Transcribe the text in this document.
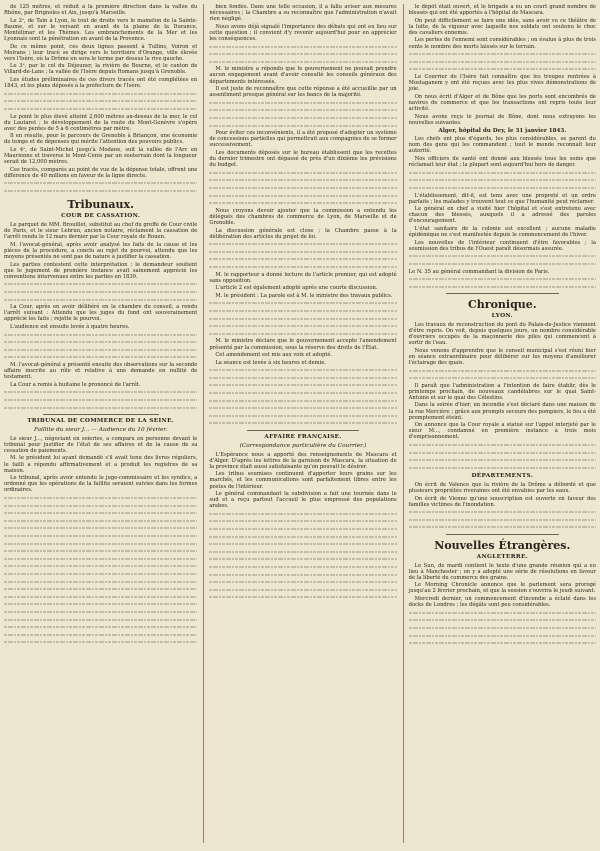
de 125 mètres, et réduit à la première direction dans la vallée du Rhône, par Brignoles et Aix, jusqu'à Marseille.

Le 2ᵉ, de Tain à Lyon, le tout de droite vers le mamelon de la Sainte-Baume, et sur le versant en avant de la plaine de la Durance, Montélimar et les Thèmes. Les embranchements de la Mer et les Lyonnais sont la pénétration en avant de la Provence.

De ce même point, ces deux lignes passent à Tullins, Voiron et Moirans ; leur tracé se dirige vers le territoire d'Orange, ville élevée vers l'Isère, où la Drôme en sera le terme par dessus la rive gauche.

Le 3ᵉ, par le col du Déjeuner, la rivière de Bourne, et le canton de Villard-de-Lans ; la vallée de l'Isère depuis Romans jusqu'à Grenoble.

Les études préliminaires de ces divers tracés ont été complétées en 1843, et les plans déposés à la préfecture de l'Isère.

Le point le plus élevé atteint 2,600 mètres au-dessus de la mer, le col du Lautaret ; le développement de la route du Mont-Genèvre s'opère avec des pentes de 5 à 6 centimètres par mètre.

Il en résulte, pour le parcours de Grenoble à Briançon, une économie de temps et de dépenses qui mérite l'attention des pouvoirs publics.

Le 4ᵉ, de Saint-Michel jusqu'à Modane, suit la vallée de l'Arc en Maurienne et traverse le Mont-Cenis par un souterrain dont la longueur serait de 12,000 mètres.

Ces tracés, comparés au point de vue de la dépense totale, offrent une différence de 40 millions en faveur de la ligne directe.

Tribunaux.
COUR DE CASSATION.

Le parquet de MM. Brouillet, substitut au chef du greffe de Cour civile de Paris, et le sieur Lebrun, ancien notaire, réclament la cassation de l'arrêt rendu le 12 mars dernier par la Cour royale de Rouen.

M. l'avocat-général, après avoir analysé les faits de la cause et les pièces de la procédure, a conclu au rejet du pourvoi, attendu que les moyens présentés ne sont pas de nature à justifier la cassation.

Les parties contestent cette interprétation ; le demandeur soutient que le jugement de première instance avait sainement apprécié les conventions intervenues entre les parties en 1839.

La Cour, après en avoir délibéré en la chambre du conseil, a rendu l'arrêt suivant : Attendu que les juges du fond ont souverainement apprécié les faits ; rejette le pourvoi.

L'audience est ensuite levée à quatre heures.

M. l'avocat-général a présenté ensuite des observations sur la seconde affaire inscrite au rôle et relative à une demande en nullité de testament.

La Cour a remis à huitaine le prononcé de l'arrêt.

TRIBUNAL DE COMMERCE DE LA SEINE.
Faillite du sieur J... — Audience du 10 février.

Le sieur J..., négociant en soieries, a comparu en personne devant le tribunal pour justifier de l'état de ses affaires et de la cause de sa cessation de paiements.

M. le président lui ayant demandé s'il avait tenu des livres réguliers, le failli a répondu affirmativement et a produit les registres de sa maison.

Le tribunal, après avoir entendu le juge-commissaire et les syndics, a ordonné que les opérations de la faillite seraient suivies dans les formes ordinaires.

bien fondés. Dans une telle occasion, il a fallu aviser aux mesures nécessaires ; la Chambre a su reconnaître que l'administration n'avait rien négligé.

Nous avons déjà signalé l'importance des débats qui ont eu lieu sur cette question ; il convient d'y revenir aujourd'hui pour en apprécier les conséquences.

M. le ministre a répondu que le gouvernement ne pouvait prendre aucun engagement avant d'avoir consulté les conseils généraux des départements intéressés.

Il est juste de reconnaître que cette réponse a été accueillie par un assentiment presque général sur les bancs de la majorité.

Pour éviter ces inconvénients, il a été proposé d'adopter un système de concessions partielles qui permettrait aux compagnies de se former successivement.

Les documents déposés sur le bureau établissent que les recettes du dernier trimestre ont dépassé de près d'un dixième les prévisions du budget.

Nous croyons devoir ajouter que la commission a entendu les délégués des chambres de commerce de Lyon, de Marseille et de Grenoble.

La discussion générale est close ; la Chambre passe à la délibération des articles du projet de loi.

M. le rapporteur a donné lecture de l'article premier, qui est adopté sans opposition.

L'article 2 est également adopté après une courte discussion.

M. le président : La parole est à M. le ministre des travaux publics.

M. le ministre déclare que le gouvernement accepte l'amendement présenté par la commission, sous la réserve des droits de l'État.

Cet amendement est mis aux voix et adopté.

La séance est levée à six heures et demie.

AFFAIRE FRANÇAISE.
(Correspondance particulière du Courrier.)

L'Espérance nous a apporté des renseignements de Mascara et d'Alger. D'après les lettres de la garnison de Mascara, la situation de la province était aussi satisfaisante qu'on pouvait le désirer.

Les tribus soumises continuent d'apporter leurs grains sur les marchés, et les communications sont parfaitement libres entre les postes de l'intérieur.

Le général commandant la subdivision a fait une tournée dans le sud et a reçu partout l'accueil le plus empressé des populations arabes.

le dépôt était ouvert, et le brigade a eu un court grand nombre de blessés qui ont été apportés à l'hôpital de Mascara.

On peut difficilement se faire une idée, sans avoir vu ce théâtre de la lutte, de la vigueur avec laquelle nos soldats ont soutenu le choc des cavaliers ennemis.

Les pertes de l'ennemi sont considérables ; on évalue à plus de trois cents le nombre des morts laissés sur le terrain.

Le Courrier de l'Isère fait connaître que les troupes rentrées à Mostaganem y ont été reçues avec les plus vives démonstrations de joie.

On nous écrit d'Alger et de Bône que les ports sont encombrés de navires de commerce et que les transactions ont repris toute leur activité.

Nous avons reçu le journal de Bône, dont nous extrayons les nouvelles suivantes.

Alger, hôpital du Dey, le 31 janvier 1843.

Les chefs ont plus d'égards, les plus considérables, se parent du nom des gens qui les commandent ; tout le monde reconnaît leur autorité.

Nos officiers de santé ont donné aux blessés tous les soins que réclamait leur état ; la plupart sont aujourd'hui hors de danger.

L'établissement, dit-il, est tenu avec une propreté et un ordre parfaits ; les malades y trouvent tout ce que l'humanité peut réclamer.

Le général en chef a visité hier l'hôpital et s'est entretenu avec chacun des blessés, auxquels il a adressé des paroles d'encouragement.

L'état sanitaire de la colonie est excellent ; aucune maladie épidémique ne s'est manifestée depuis le commencement de l'hiver.

Les nouvelles de l'intérieur continuent d'être favorables ; la soumission des tribus de l'Ouest paraît désormais assurée.

Le N. 35 au général commandant la division de Paris.

Chronique.
LYON.

Les travaux de reconstruction du pont du Palais-de-Justice viennent d'être repris. On voit, depuis quelques jours, un nombre considérable d'ouvriers occupés de la maçonnerie des piles qui commencent à sortir de l'eau.

Nous venons d'apprendre que le conseil municipal s'est réuni hier en séance extraordinaire pour délibérer sur les moyens d'améliorer l'éclairage des quais.

Il paraît que l'administration a l'intention de faire établir, dès le printemps prochain, de nouveaux candélabres sur le quai Saint-Antoine et sur le quai des Célestins.

Dans la soirée d'hier, un incendie s'est déclaré dans une maison de la rue Mercière ; grâce aux prompts secours des pompiers, le feu a été promptement éteint.

On annonce que la Cour royale a statué sur l'appel interjeté par le sieur M..., condamné en première instance à trois mois d'emprisonnement.

DÉPARTEMENTS.

On écrit de Valence que la rivière de la Drôme a débordé et que plusieurs propriétés riveraines ont été envahies par les eaux.

On écrit de Vienne qu'une souscription est ouverte en faveur des familles victimes de l'inondation.

Nouvelles Étrangères.
ANGLETERRE.

Le Sun, de mardi contient le texte d'une grande réunion qui a eu lieu à Manchester ; on y a adopté une série de résolutions en faveur de la liberté du commerce des grains.

Le Morning Chronicle annonce que le parlement sera prorogé jusqu'au 2 février prochain, et que la session s'ouvrira le jeudi suivant.

Mercredi dernier, un commencement d'incendie a éclaté dans les docks de Londres ; les dégâts sont peu considérables.
